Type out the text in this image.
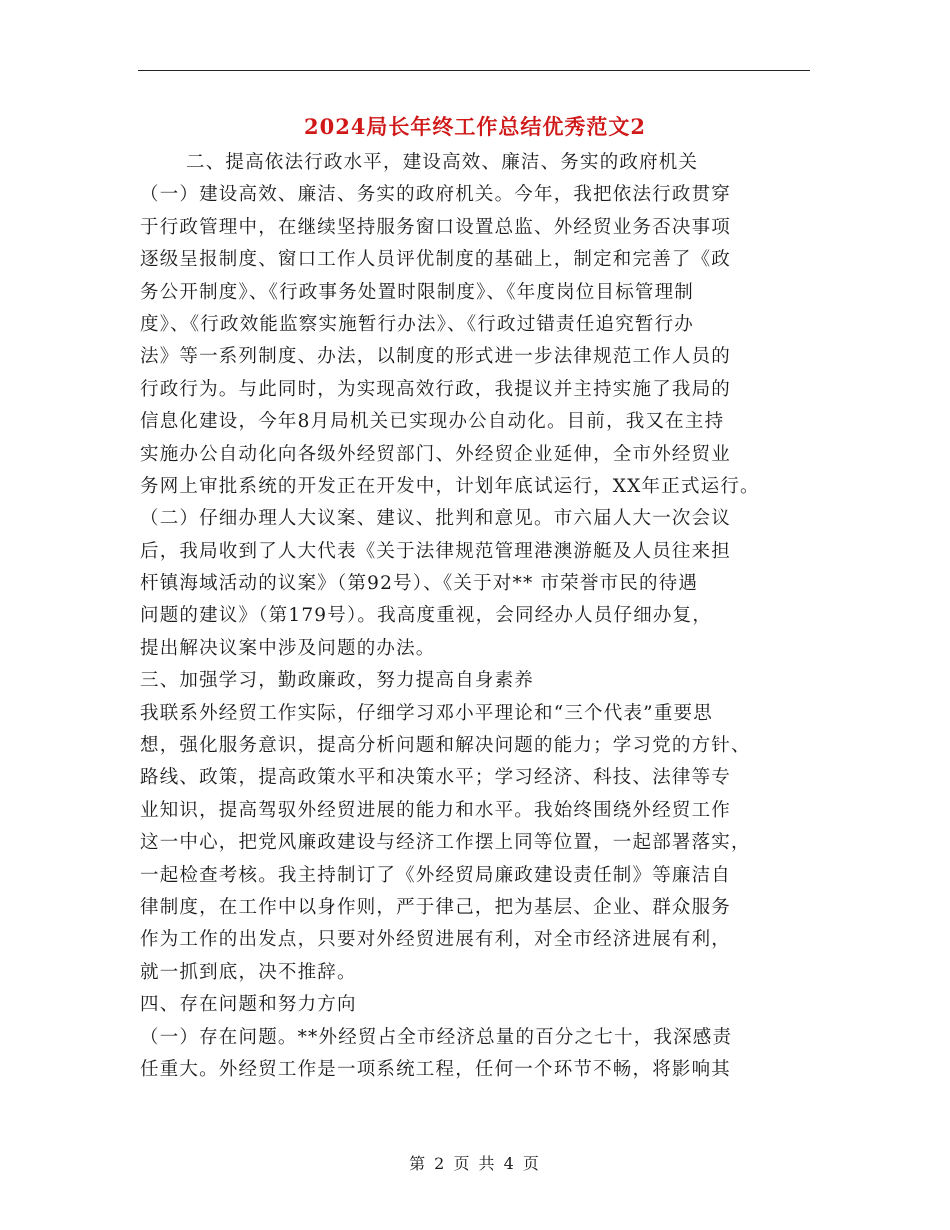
2024局长年终工作总结优秀范文2
二、提高依法行政水平，建设高效、廉洁、务实的政府机关
（一）建设高效、廉洁、务实的政府机关。今年，我把依法行政贯穿
于行政管理中，在继续坚持服务窗口设置总监、外经贸业务否决事项
逐级呈报制度、窗口工作人员评优制度的基础上，制定和完善了《政
务公开制度》、《行政事务处置时限制度》、《年度岗位目标管理制
度》、《行政效能监察实施暂行办法》、《行政过错责任追究暂行办
法》等一系列制度、办法，以制度的形式进一步法律规范工作人员的
行政行为。与此同时，为实现高效行政，我提议并主持实施了我局的
信息化建设，今年8月局机关已实现办公自动化。目前，我又在主持
实施办公自动化向各级外经贸部门、外经贸企业延伸，全市外经贸业
务网上审批系统的开发正在开发中，计划年底试运行，XX年正式运行。
（二）仔细办理人大议案、建议、批判和意见。市六届人大一次会议
后，我局收到了人大代表《关于法律规范管理港澳游艇及人员往来担
杆镇海域活动的议案》（第92号）、《关于对** 市荣誉市民的待遇
问题的建议》（第179号）。我高度重视，会同经办人员仔细办复，
提出解决议案中涉及问题的办法。
三、加强学习，勤政廉政，努力提高自身素养
我联系外经贸工作实际，仔细学习邓小平理论和“三个代表”重要思
想，强化服务意识，提高分析问题和解决问题的能力；学习党的方针、
路线、政策，提高政策水平和决策水平；学习经济、科技、法律等专
业知识，提高驾驭外经贸进展的能力和水平。我始终围绕外经贸工作
这一中心，把党风廉政建设与经济工作摆上同等位置，一起部署落实，
一起检查考核。我主持制订了《外经贸局廉政建设责任制》等廉洁自
律制度，在工作中以身作则，严于律己，把为基层、企业、群众服务
作为工作的出发点，只要对外经贸进展有利，对全市经济进展有利，
就一抓到底，决不推辞。
四、存在问题和努力方向
（一）存在问题。**外经贸占全市经济总量的百分之七十，我深感责
任重大。外经贸工作是一项系统工程，任何一个环节不畅，将影响其
第 2 页 共 4 页
